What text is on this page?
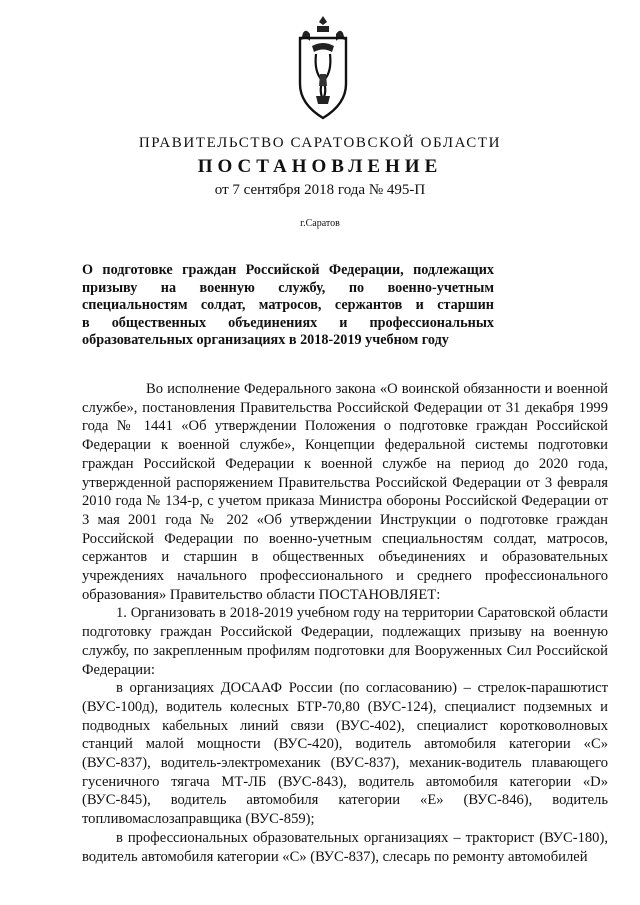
ПРАВИТЕЛЬСТВО САРАТОВСКОЙ ОБЛАСТИ
ПОСТАНОВЛЕНИЕ
от 7 сентября 2018 года № 495-П
г.Саратов

О подготовке граждан Российской Федерации, подлежащих
призыву на военную службу, по военно-учетным
специальностям солдат, матросов, сержантов и старшин
в общественных объединениях и профессиональных
образовательных организациях в 2018-2019 учебном году

Во исполнение Федерального закона «О воинской обязанности и военной службе», постановления Правительства Российской Федерации от 31 декабря 1999 года № 1441 «Об утверждении Положения о подготовке граждан Российской Федерации к военной службе», Концепции федеральной системы подготовки граждан Российской Федерации к военной службе на период до 2020 года, утвержденной распоряжением Правительства Российской Федерации от 3 февраля 2010 года № 134-р, с учетом приказа Министра обороны Российской Федерации от 3 мая 2001 года № 202 «Об утверждении Инструкции о подготовке граждан Российской Федерации по военно-учетным специальностям солдат, матросов, сержантов и старшин в общественных объединениях и образовательных учреждениях начального профессионального и среднего профессионального образования» Правительство области ПОСТАНОВЛЯЕТ:

1. Организовать в 2018-2019 учебном году на территории Саратовской области подготовку граждан Российской Федерации, подлежащих призыву на военную службу, по закрепленным профилям подготовки для Вооруженных Сил Российской Федерации:

в организациях ДОСААФ России (по согласованию) – стрелок-парашютист (ВУС-100д), водитель колесных БТР-70,80 (ВУС-124), специалист подземных и подводных кабельных линий связи (ВУС-402), специалист коротковолновых станций малой мощности (ВУС-420), водитель автомобиля категории «С» (ВУС-837), водитель-электромеханик (ВУС-837), механик-водитель плавающего гусеничного тягача МТ-ЛБ (ВУС-843), водитель автомобиля категории «D» (ВУС-845), водитель автомобиля категории «Е» (ВУС-846), водитель топливомаслозаправщика (ВУС-859);

в профессиональных образовательных организациях – тракторист (ВУС-180), водитель автомобиля категории «С» (ВУС-837), слесарь по ремонту автомобилей
